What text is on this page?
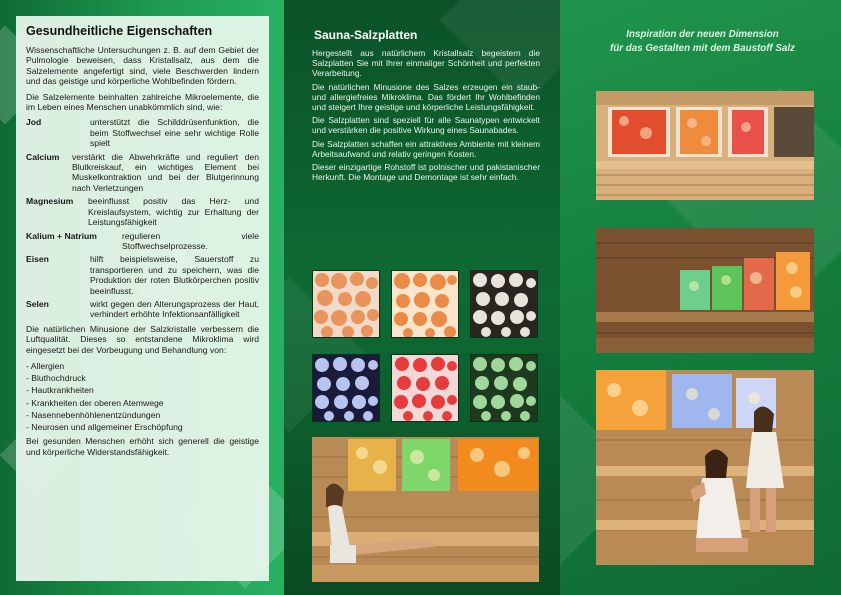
Gesundheitliche Eigenschaften

Wissenschaftliche Untersuchungen z. B. auf dem Gebiet der Pulmologie beweisen, dass Kristallsalz, aus dem die Salzelemente angefertigt sind, viele Beschwerden lindern und das geistige und körperliche Wohlbefinden fördern.

Die Salzelemente beinhalten zahlreiche Mikroelemente, die im Leben eines Menschen unabkömmlich sind, wie:

Jod	unterstützt die Schilddrüsenfunktion, die beim Stoffwechsel eine sehr wichtige Rolle spielt
Calcium	verstärkt die Abwehrkräfte und reguliert den Blutkreiskauf, ein wichtiges Element bei Muskelkontraktion und bei der Blutgerinnung nach Verletzungen
Magnesium	beeinflusst positiv das Herz- und Kreislaufsystem, wichtig zur Erhaltung der Leistungsfähigkeit
Kalium + Natrium	regulieren viele Stoffwechselprozesse.
Eisen	hilft beispielsweise, Sauerstoff zu transportieren und zu speichern, was die Produktion der roten Blutkörperchen positiv beeinflusst.
Selen	wirkt gegen den Alterungsprozess der Haut, verhindert erhöhte Infektionsanfälligkeit

Die natürlichen Minusione der Salzkristalle verbessern die Luftqualität. Dieses so entstandene Mikroklima wird eingesetzt bei der Vorbeugung und Behandlung von:

- Allergien
- Bluthochdruck
- Hautkrankheiten
- Krankheiten der oberen Atemwege
- Nasennebenhöhlenentzündungen
- Neurosen und allgemeiner Erschöpfung

Bei gesunden Menschen erhöht sich generell die geistige und körperliche Widerstandsfähigkeit.

Sauna-Salzplatten

Hergestellt aus natürlichem Kristallsalz begeistern die Salzplatten Sie mit Ihrer einmaliger Schönheit und perfekten Verarbeitung.

Die natürlichen Minusione des Salzes erzeugen ein staub- und allergiefreies Mikroklima. Das fördert Ihr Wohlbefinden und steigert Ihre geistige und körperliche Leistungsfähigkeit.

Die Salzplatten sind speziell für alle Saunatypen entwickelt und verstärken die positive Wirkung eines Saunabades.

Die Salzplatten schaffen ein attraktives Ambiente mit kleinem Arbeitsaufwand und relativ geringen Kosten.

Dieser einzigartige Rohstoff ist polnischer und pakistanischer Herkunft. Die Montage und Demontage ist sehr einfach.

Inspiration der neuen Dimension
für das Gestalten mit dem Baustoff Salz
